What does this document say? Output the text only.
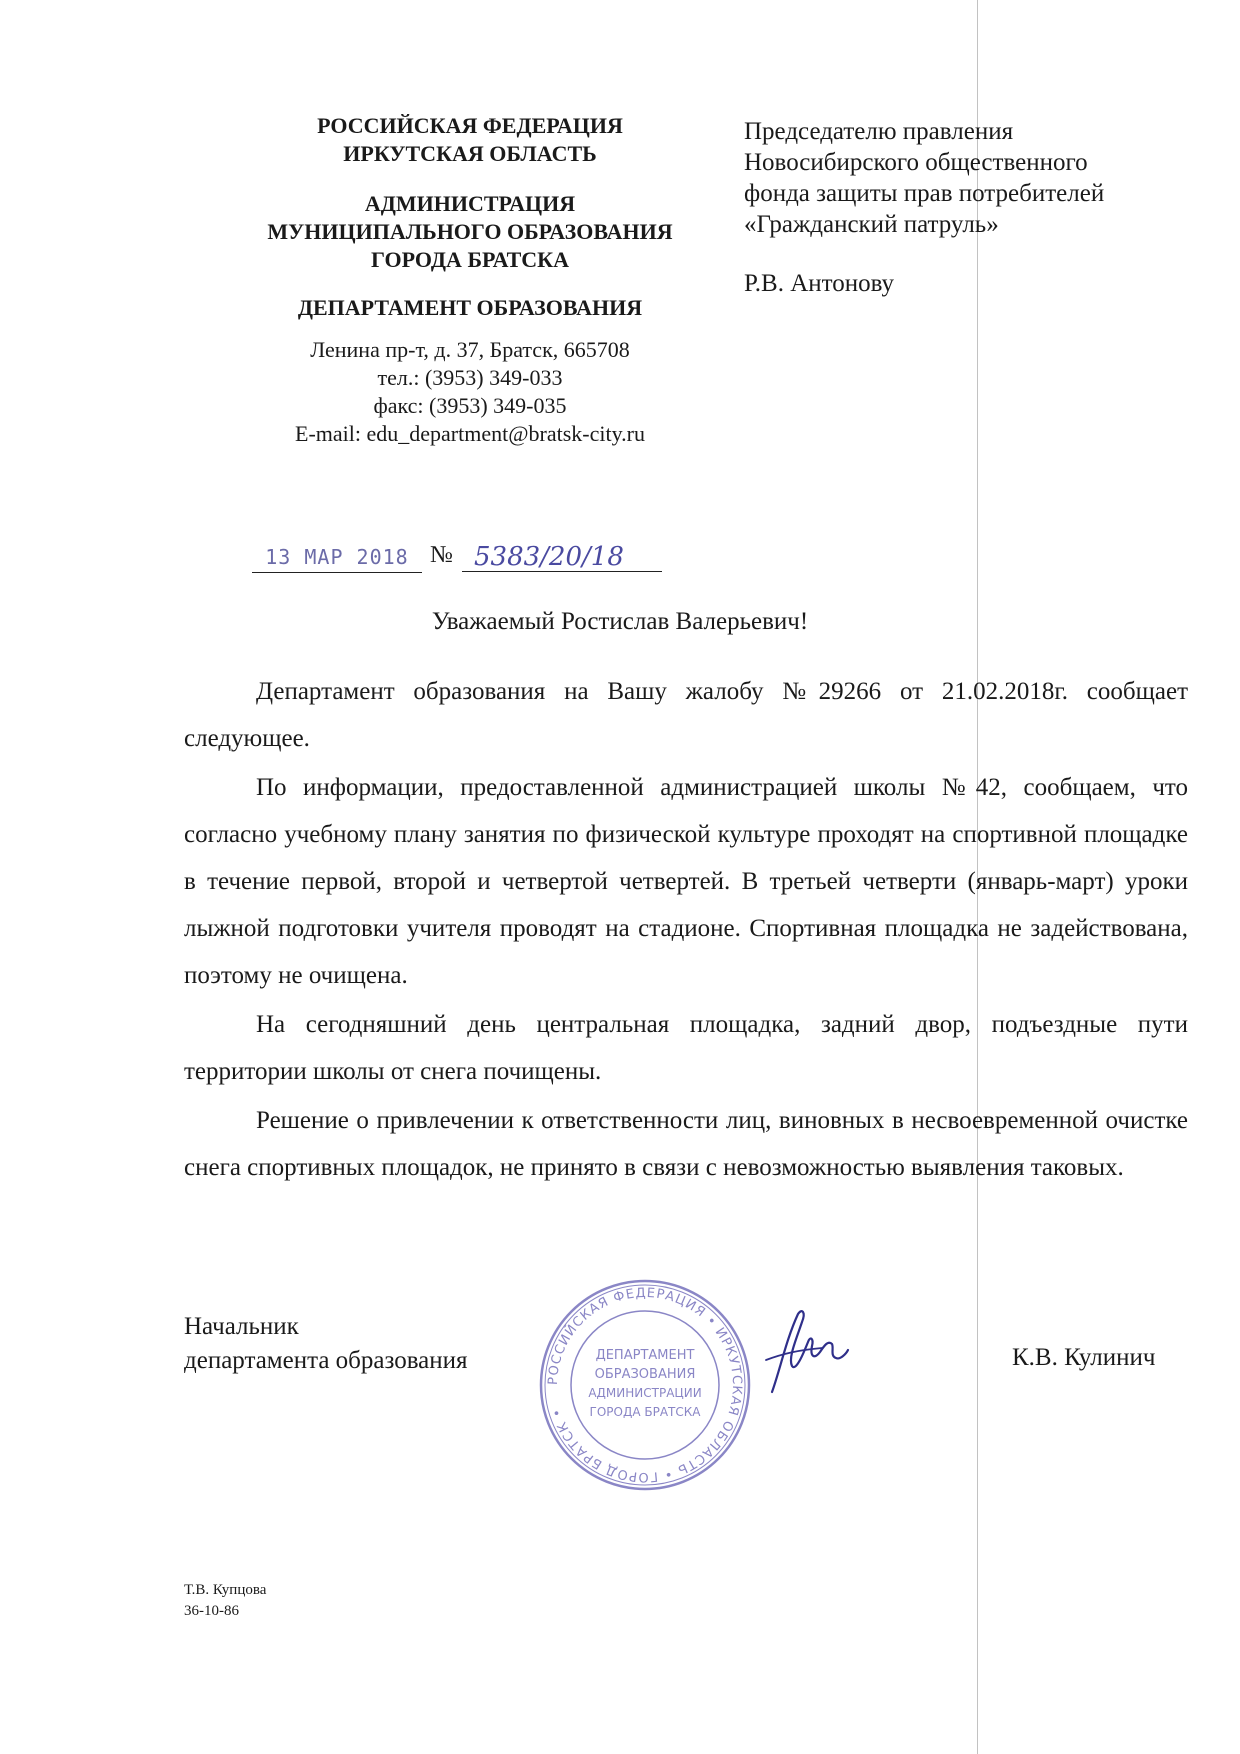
РОССИЙСКАЯ ФЕДЕРАЦИЯ
ИРКУТСКАЯ ОБЛАСТЬ
АДМИНИСТРАЦИЯ
МУНИЦИПАЛЬНОГО ОБРАЗОВАНИЯ
ГОРОДА БРАТСКА
ДЕПАРТАМЕНТ ОБРАЗОВАНИЯ
Ленина пр-т, д. 37, Братск, 665708
тел.: (3953) 349-033
факс: (3953) 349-035
E-mail: edu_department@bratsk-city.ru
Председателю правления
Новосибирского общественного
фонда защиты прав потребителей
«Гражданский патруль»
Р.В. Антонову
13 МАР 2018 № 5383/20/18
Уважаемый Ростислав Валерьевич!

Департамент образования на Вашу жалобу №29266 от 21.02.2018г. сообщает следующее.

По информации, предоставленной администрацией школы №42, сообщаем, что согласно учебному плану занятия по физической культуре проходят на спортивной площадке в течение первой, второй и четвертой четвертей. В третьей четверти (январь-март) уроки лыжной подготовки учителя проводят на стадионе. Спортивная площадка не задействована, поэтому не очищена.

На сегодняшний день центральная площадка, задний двор, подъездные пути территории школы от снега почищены.

Решение о привлечении к ответственности лиц, виновных в несвоевременной очистке снега спортивных площадок, не принято в связи с невозможностью выявления таковых.

Начальник
департамента образования
РОССИЙСКАЯ ФЕДЕРАЦИЯ • ИРКУТСКАЯ ОБЛАСТЬ • ГОРОД БРАТСК •
ДЕПАРТАМЕНТ
ОБРАЗОВАНИЯ
АДМИНИСТРАЦИИ
ГОРОДА БРАТСКА
К.В. Кулинич
Т.В. Купцова
36-10-86
